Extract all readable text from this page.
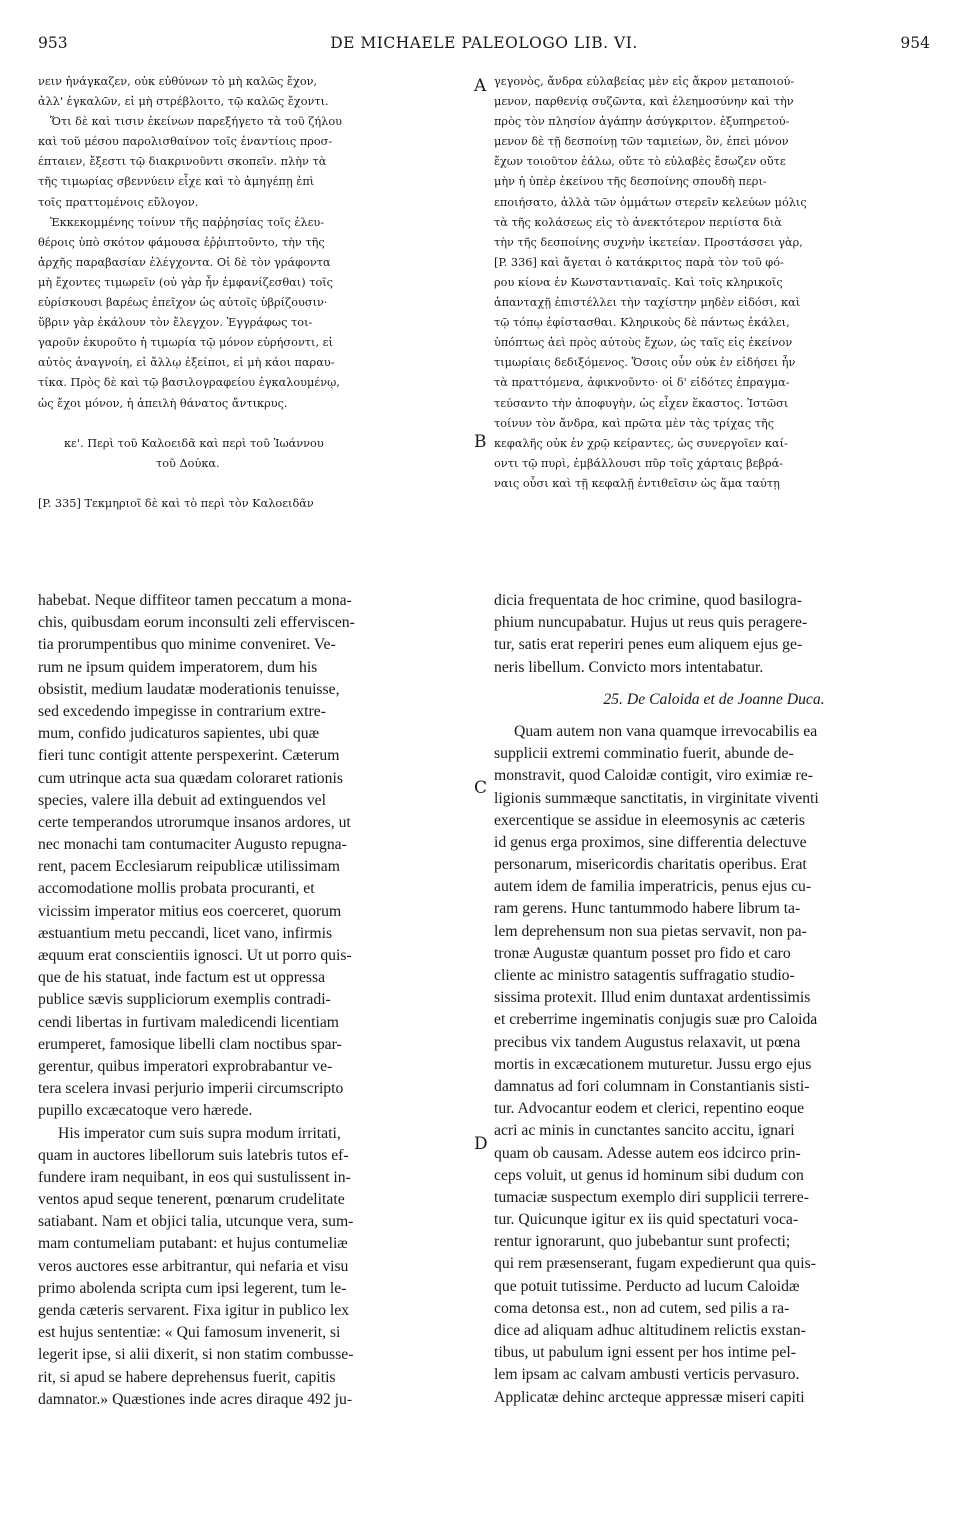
953	DE MICHAELE PALEOLOGO LIB. VI.	954
νειν ἠνάγκαζεν, οὐκ εὐθύνων τὸ μὴ καλῶς ἔχον,
ἀλλ' ἐγκαλῶν, εἰ μὴ στρέβλοιτο, τῷ καλῶς ἔχοντι.
Ὅτι δὲ καὶ τισιν ἐκείνων παρεξήγετο τὰ τοῦ ζήλου
καὶ τοῦ μέσου παρολισθαίνον τοῖς ἐναντίοις προσ-
έπταιεν, ἔξεστι τῷ διακρινοῦντι σκοπεῖν. πλὴν τὰ
τῆς τιμωρίας σβεννύειν εἶχε καὶ τὸ ἀμηγέπῃ ἐπὶ
τοῖς πραττομένοις εὔλογον.
Ἐκκεκομμένης τοίνυν τῆς παῤῥησίας τοῖς ἐλευ-
θέροις ὑπὸ σκότον φάμουσα ἐῤῥιπτοῦντο, τὴν τῆς
ἀρχῆς παραβασίαν ἐλέγχοντα. Οἱ δὲ τὸν γράφοντα
μὴ ἔχοντες τιμωρεῖν (οὐ γὰρ ἦν ἐμφανίζεσθαι) τοῖς
εὑρίσκουσι βαρέως ἐπεῖχον ὡς αὐτοῖς ὑβρίζουσιν·
ὕβριν γὰρ ἐκάλουν τὸν ἔλεγχον. Ἐγγράφως τοι-
γαροῦν ἐκυροῦτο ἡ τιμωρία τῷ μόνον εὑρήσοντι, εἰ
αὐτὸς ἀναγνοίη, εἰ ἄλλῳ ἐξείποι, εἰ μὴ κάοι παραυ-
τίκα. Πρὸς δὲ καὶ τῷ βασιλογραφείου ἐγκαλουμένῳ,
ὡς ἔχοι μόνον, ἡ ἀπειλὴ θάνατος ἄντικρυς.
κε'. Περὶ τοῦ Καλοειδᾶ καὶ περὶ τοῦ Ἰωάννου
τοῦ Δούκα.
[P. 335] Τεκμηριοῖ δὲ καὶ τὸ περὶ τὸν Καλοειδᾶν
γεγονὸς, ἄνδρα εὐλαβείας μὲν εἰς ἄκρον μεταποιού-
μενον, παρθενίᾳ συζῶντα, καὶ ἐλεημοσύνην καὶ τὴν
πρὸς τὸν πλησίον ἀγάπην ἀσύγκριτον. ἐξυπηρετού-
μενον δὲ τῇ δεσποίνῃ τῶν ταμιείων, ὃν, ἐπεὶ μόνον
ἔχων τοιοῦτον ἑάλω, οὔτε τὸ εὐλαβὲς ἔσωζεν οὔτε
μὴν ἡ ὑπὲρ ἐκείνου τῆς δεσποίνης σπουδὴ περι-
εποιήσατο, ἀλλὰ τῶν ὀμμάτων στερεῖν κελεύων μόλις
τὰ τῆς κολάσεως εἰς τὸ ἀνεκτότερον περιίστα διὰ
τὴν τῆς δεσποίνης συχνὴν ἱκετείαν. Προστάσσει γὰρ,
[P. 336] καὶ ἄγεται ὁ κατάκριτος παρὰ τὸν τοῦ φό-
ρου κίονα ἐν Κωνσταντιαναῖς. Καὶ τοῖς κληρικοῖς
ἁπανταχῇ ἐπιστέλλει τὴν ταχίστην μηδὲν εἰδόσι, καὶ
τῷ τόπῳ ἐφίστασθαι. Κληρικοὺς δὲ πάντως ἐκάλει,
ὑπόπτως ἀεὶ πρὸς αὐτοὺς ἔχων, ὡς ταῖς εἰς ἐκείνον
τιμωρίαις δεδιξόμενος. Ὅσοις οὖν οὐκ ἐν εἰδήσει ἦν
τὰ πραττόμενα, ἀφικνοῦντο· οἱ δ' εἰδότες ἐπραγμα-
τεύσαντο τὴν ἀποφυγὴν, ὡς εἶχεν ἕκαστος. Ἰστῶσι
τοίνυν τὸν ἄνδρα, καὶ πρῶτα μὲν τὰς τρίχας τῆς
κεφαλῆς οὐκ ἐν χρῷ κείραντες, ὡς συνεργοῖεν καί-
οντι τῷ πυρὶ, ἐμβάλλουσι πῦρ τοῖς χάρταις βεβρά-
ναις οὖσι καὶ τῇ κεφαλῇ ἐντιθεῖσιν ὡς ἅμα ταύτῃ
A
B
C
D
habebat. Neque diffiteor tamen peccatum a mona-
chis, quibusdam eorum inconsulti zeli efferviscen-
tia prorumpentibus quo minime conveniret. Ve-
rum ne ipsum quidem imperatorem, dum his
obsistit, medium laudatæ moderationis tenuisse,
sed excedendo impegisse in contrarium extre-
mum, confido judicaturos sapientes, ubi quæ
fieri tunc contigit attente perspexerint. Cæterum
cum utrinque acta sua quædam coloraret rationis
species, valere illa debuit ad extinguendos vel
certe temperandos utrorumque insanos ardores, ut
nec monachi tam contumaciter Augusto repugna-
rent, pacem Ecclesiarum reipublicæ utilissimam
accomodatione mollis probata procuranti, et
vicissim imperator mitius eos coerceret, quorum
æstuantium metu peccandi, licet vano, infirmis
æquum erat conscientiis ignosci. Ut ut porro quis-
que de his statuat, inde factum est ut oppressa
publice sævis suppliciorum exemplis contradi-
cendi libertas in furtivam maledicendi licentiam
erumperet, famosique libelli clam noctibus spar-
gerentur, quibus imperatori exprobrabantur ve-
tera scelera invasi perjurio imperii circumscripto
pupillo excæcatoque vero hærede.
His imperator cum suis supra modum irritati,
quam in auctores libellorum suis latebris tutos ef-
fundere iram nequibant, in eos qui sustulissent in-
ventos apud seque tenerent, pœnarum crudelitate
satiabant. Nam et objici talia, utcunque vera, sum-
mam contumeliam putabant: et hujus contumeliæ
veros auctores esse arbitrantur, qui nefaria et visu
primo abolenda scripta cum ipsi legerent, tum le-
genda cæteris servarent. Fixa igitur in publico lex
est hujus sententiæ: « Qui famosum invenerit, si
legerit ipse, si alii dixerit, si non statim combusse-
rit, si apud se habere deprehensus fuerit, capitis
damnator.» Quæstiones inde acres diraque 492 ju-
dicia frequentata de hoc crimine, quod basilogra-
phium nuncupabatur. Hujus ut reus quis peragere-
tur, satis erat reperiri penes eum aliquem ejus ge-
neris libellum. Convicto mors intentabatur.
25. De Caloida et de Joanne Duca.
Quam autem non vana quamque irrevocabilis ea
supplicii extremi comminatio fuerit, abunde de-
monstravit, quod Caloidæ contigit, viro eximiæ re-
ligionis summæque sanctitatis, in virginitate viventi
exercentique se assidue in eleemosynis ac cæteris
id genus erga proximos, sine differentia delectuve
personarum, misericordis charitatis operibus. Erat
autem idem de familia imperatricis, penus ejus cu-
ram gerens. Hunc tantummodo habere librum ta-
lem deprehensum non sua pietas servavit, non pa-
tronæ Augustæ quantum posset pro fido et caro
cliente ac ministro satagentis suffragatio studio-
sissima protexit. Illud enim duntaxat ardentissimis
et creberrime ingeminatis conjugis suæ pro Caloida
precibus vix tandem Augustus relaxavit, ut pœna
mortis in excæcationem muturetur. Jussu ergo ejus
damnatus ad fori columnam in Constantianis sisti-
tur. Advocantur eodem et clerici, repentino eoque
acri ac minis in cunctantes sancito accitu, ignari
quam ob causam. Adesse autem eos idcirco prin-
ceps voluit, ut genus id hominum sibi dudum con
tumaciæ suspectum exemplo diri supplicii terrere-
tur. Quicunque igitur ex iis quid spectaturi voca-
rentur ignorarunt, quo jubebantur sunt profecti;
qui rem præsenserant, fugam expedierunt qua quis-
que potuit tutissime. Perducto ad lucum Caloidæ
coma detonsa est., non ad cutem, sed pilis a ra-
dice ad aliquam adhuc altitudinem relictis exstan-
tibus, ut pabulum igni essent per hos intime pel-
lem ipsam ac calvam ambusti verticis pervasuro.
Applicatæ dehinc arcteque appressæ miseri capiti
